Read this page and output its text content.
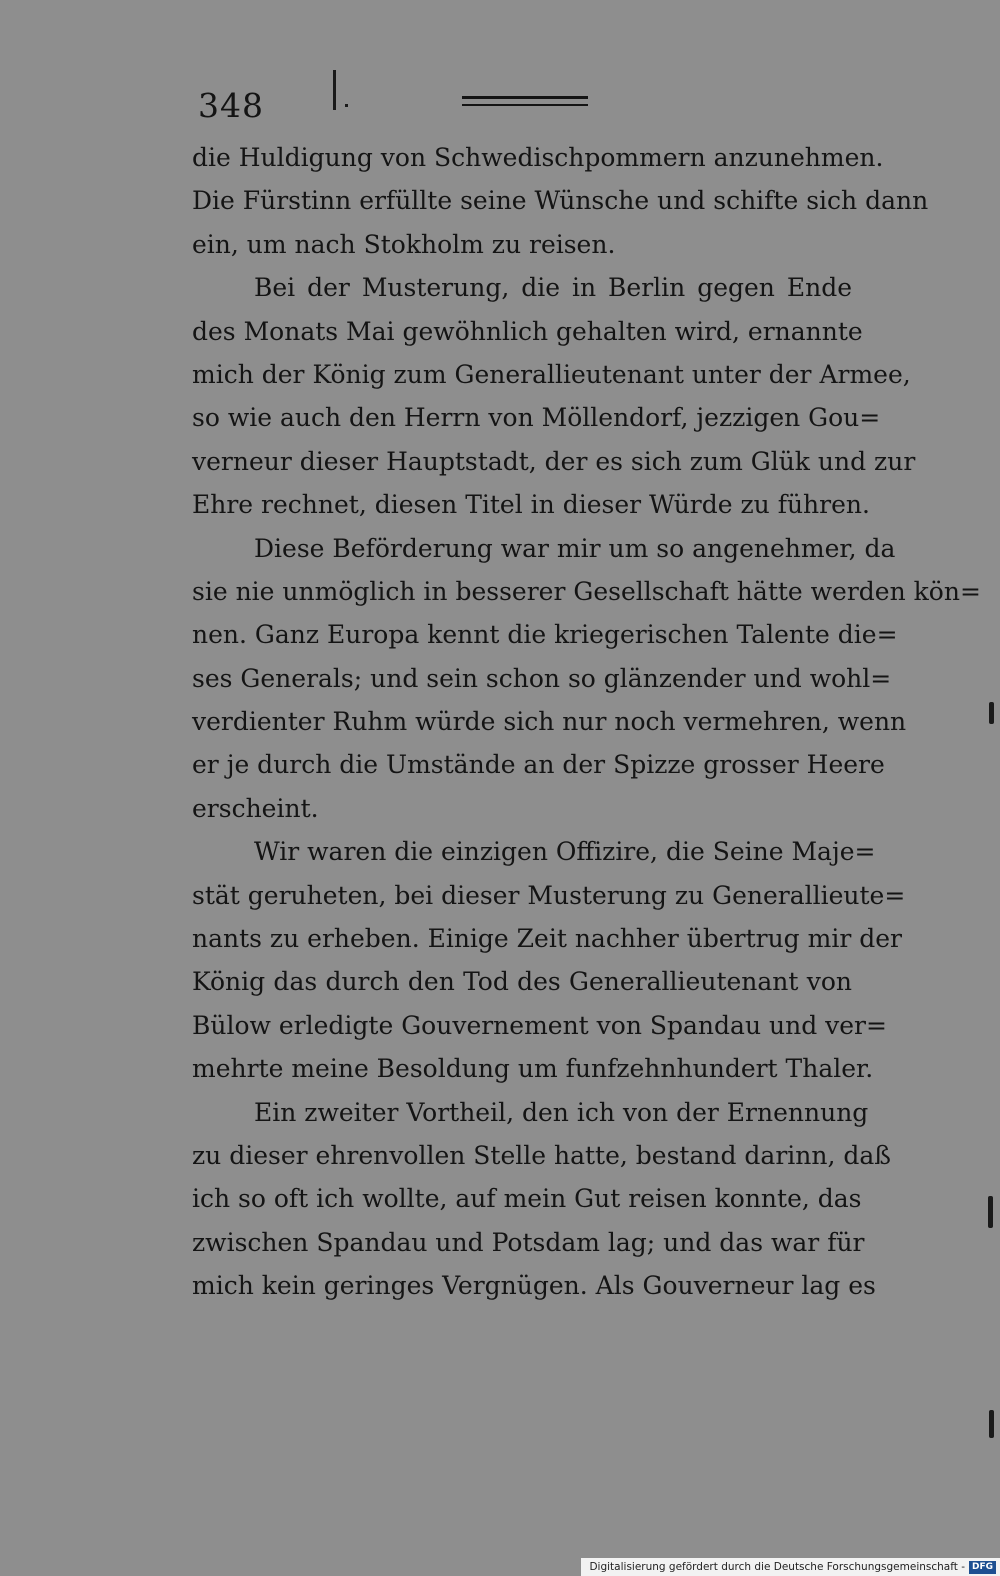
348
die Huldigung von Schwedischpommern anzunehmen.
Die Fürstinn erfüllte seine Wünsche und schifte sich dann
ein, um nach Stokholm zu reisen.
Bei der Musterung, die in Berlin gegen Ende
des Monats Mai gewöhnlich gehalten wird, ernannte
mich der König zum Generallieutenant unter der Armee,
so wie auch den Herrn von Möllendorf, jezzigen Gou=
verneur dieser Hauptstadt, der es sich zum Glük und zur
Ehre rechnet, diesen Titel in dieser Würde zu führen.
Diese Beförderung war mir um so angenehmer, da
sie nie unmöglich in besserer Gesellschaft hätte werden kön=
nen. Ganz Europa kennt die kriegerischen Talente die=
ses Generals; und sein schon so glänzender und wohl=
verdienter Ruhm würde sich nur noch vermehren, wenn
er je durch die Umstände an der Spizze grosser Heere
erscheint.
Wir waren die einzigen Offizire, die Seine Maje=
stät geruheten, bei dieser Musterung zu Generallieute=
nants zu erheben. Einige Zeit nachher übertrug mir der
König das durch den Tod des Generallieutenant von
Bülow erledigte Gouvernement von Spandau und ver=
mehrte meine Besoldung um funfzehnhundert Thaler.
Ein zweiter Vortheil, den ich von der Ernennung
zu dieser ehrenvollen Stelle hatte, bestand darinn, daß
ich so oft ich wollte, auf mein Gut reisen konnte, das
zwischen Spandau und Potsdam lag; und das war für
mich kein geringes Vergnügen. Als Gouverneur lag es
Digitalisierung gefördert durch die Deutsche Forschungsgemeinschaft - DFG
